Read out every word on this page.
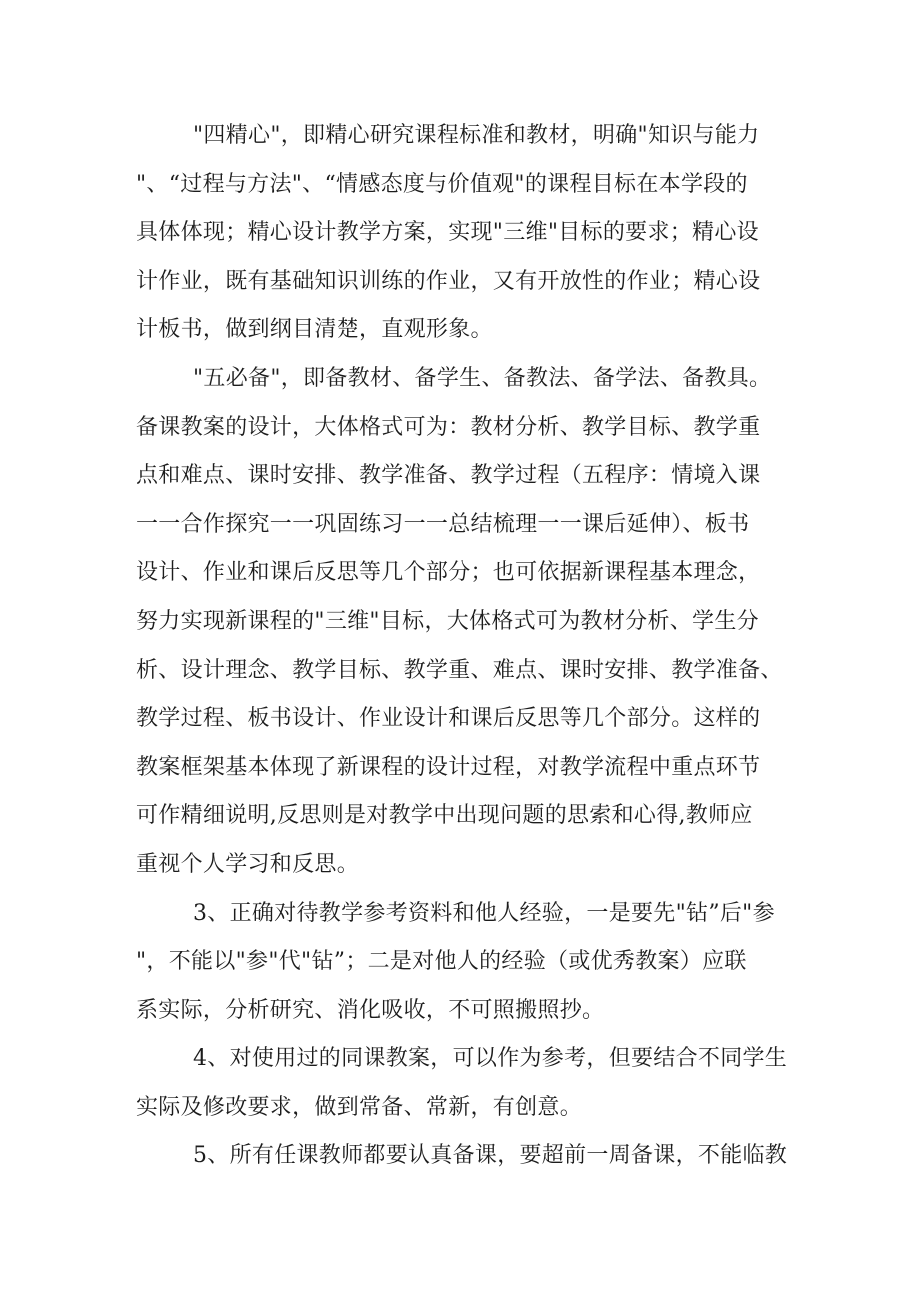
"四精心"，即精心研究课程标准和教材，明确"知识与能力
"、“过程与方法"、“情感态度与价值观"的课程目标在本学段的
具体体现；精心设计教学方案，实现"三维"目标的要求；精心设
计作业，既有基础知识训练的作业，又有开放性的作业；精心设
计板书，做到纲目清楚，直观形象。
"五必备"，即备教材、备学生、备教法、备学法、备教具。
备课教案的设计，大体格式可为：教材分析、教学目标、教学重
点和难点、课时安排、教学准备、教学过程（五程序：情境入课
一一合作探究一一巩固练习一一总结梳理一一课后延伸）、板书
设计、作业和课后反思等几个部分；也可依据新课程基本理念，
努力实现新课程的"三维"目标，大体格式可为教材分析、学生分
析、设计理念、教学目标、教学重、难点、课时安排、教学准备、
教学过程、板书设计、作业设计和课后反思等几个部分。这样的
教案框架基本体现了新课程的设计过程，对教学流程中重点环节
可作精细说明,反思则是对教学中出现问题的思索和心得,教师应
重视个人学习和反思。
3、正确对待教学参考资料和他人经验，一是要先"钻”后"参
"，不能以"参"代"钻”；二是对他人的经验（或优秀教案）应联
系实际，分析研究、消化吸收，不可照搬照抄。
4、对使用过的同课教案，可以作为参考，但要结合不同学生
实际及修改要求，做到常备、常新，有创意。
5、所有任课教师都要认真备课，要超前一周备课，不能临教
